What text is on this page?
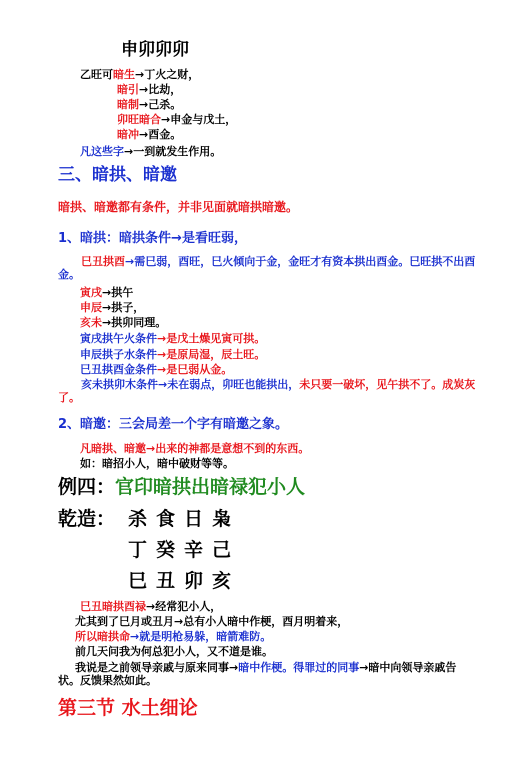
申卯卯卯
乙旺可暗生→丁火之财，
暗引→比劫，
暗制→己杀。
卯旺暗合→申金与戊土，
暗冲→酉金。
凡这些字→一到就发生作用。
三、暗拱、暗邀
暗拱、暗邀都有条件，并非见面就暗拱暗邀。
1、暗拱：暗拱条件→是看旺弱，
巳丑拱酉→需巳弱，酉旺，巳火倾向于金，金旺才有资本拱出酉金。巳旺拱不出酉金。
寅戌→拱午
申辰→拱子，
亥未→拱卯同理。
寅戌拱午火条件→是戊土燥见寅可拱。
申辰拱子水条件→是原局湿，辰土旺。
巳丑拱酉金条件→是巳弱从金。
亥未拱卯木条件→未在弱点，卯旺也能拱出，未只要一破坏，见午拱不了。成炭灰了。
2、暗邀：三会局差一个字有暗邀之象。
凡暗拱、暗邀→出来的神都是意想不到的东西。
如：暗招小人，暗中破财等等。
例四：官印暗拱出暗禄犯小人
乾造： 杀 食 日 枭
丁 癸 辛 己
巳 丑 卯 亥
巳丑暗拱酉禄→经常犯小人，
尤其到了巳月或丑月→总有小人暗中作梗，酉月明着来，
所以暗拱命→就是明枪易躲，暗箭难防。
前几天问我为何总犯小人，又不道是谁。
我说是之前领导亲戚与原来同事→暗中作梗。得罪过的同事→暗中向领导亲戚告状。反馈果然如此。
第三节 水土细论
